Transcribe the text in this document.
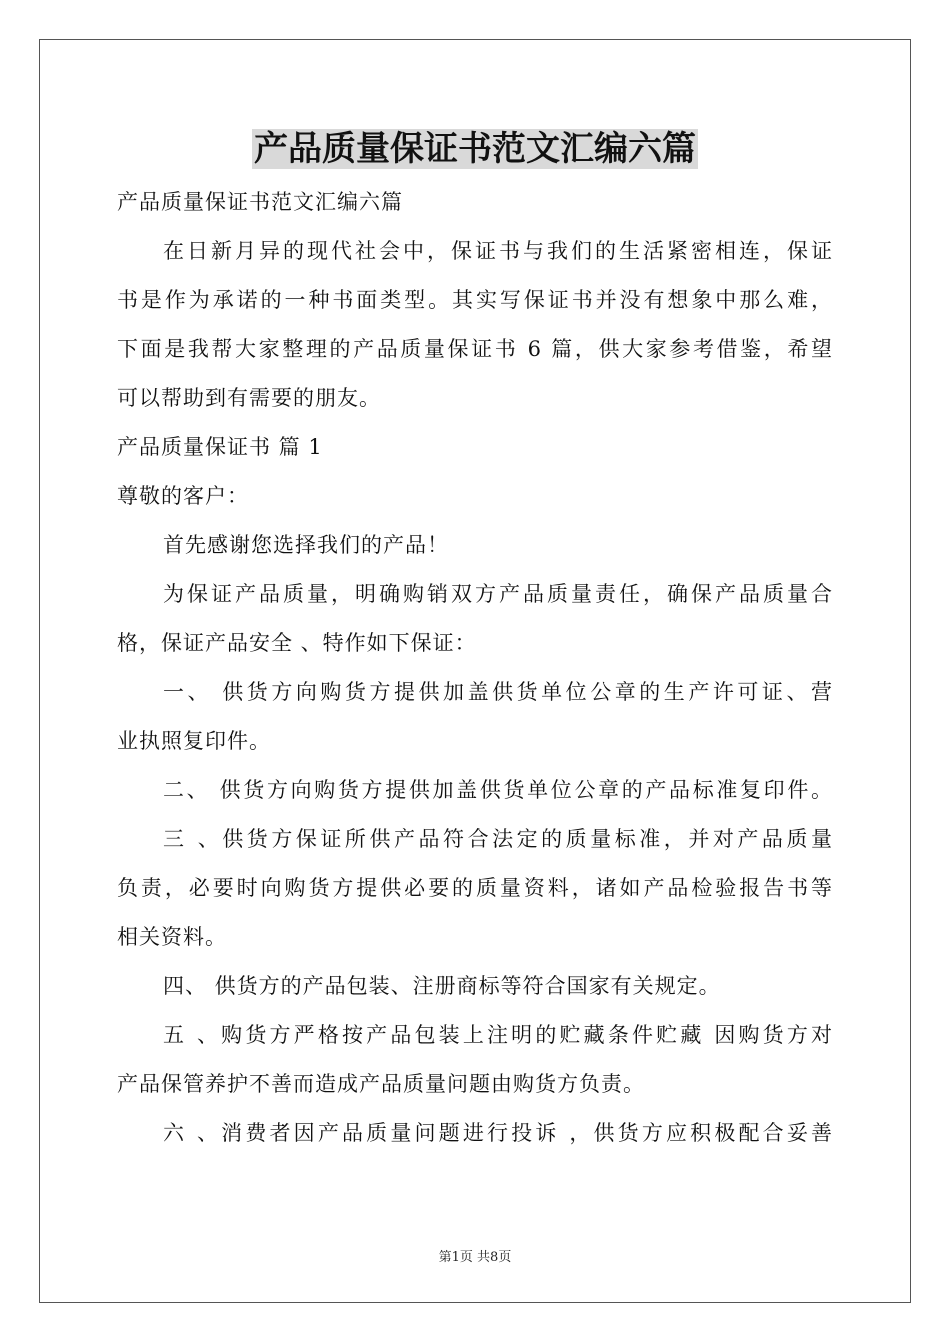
产品质量保证书范文汇编六篇
产品质量保证书范文汇编六篇
在日新月异的现代社会中，保证书与我们的生活紧密相连，保证
书是作为承诺的一种书面类型。其实写保证书并没有想象中那么难，
下面是我帮大家整理的产品质量保证书 6 篇，供大家参考借鉴，希望
可以帮助到有需要的朋友。
产品质量保证书 篇 1
尊敬的客户：
首先感谢您选择我们的产品！
为保证产品质量，明确购销双方产品质量责任，确保产品质量合
格，保证产品安全 、特作如下保证：
一、 供货方向购货方提供加盖供货单位公章的生产许可证、营
业执照复印件。
二、 供货方向购货方提供加盖供货单位公章的产品标准复印件。
三 、供货方保证所供产品符合法定的质量标准，并对产品质量
负责，必要时向购货方提供必要的质量资料，诸如产品检验报告书等
相关资料。
四、 供货方的产品包装、注册商标等符合国家有关规定。
五 、购货方严格按产品包装上注明的贮藏条件贮藏 因购货方对
产品保管养护不善而造成产品质量问题由购货方负责。
六 、消费者因产品质量问题进行投诉 ，供货方应积极配合妥善
第1页 共8页
